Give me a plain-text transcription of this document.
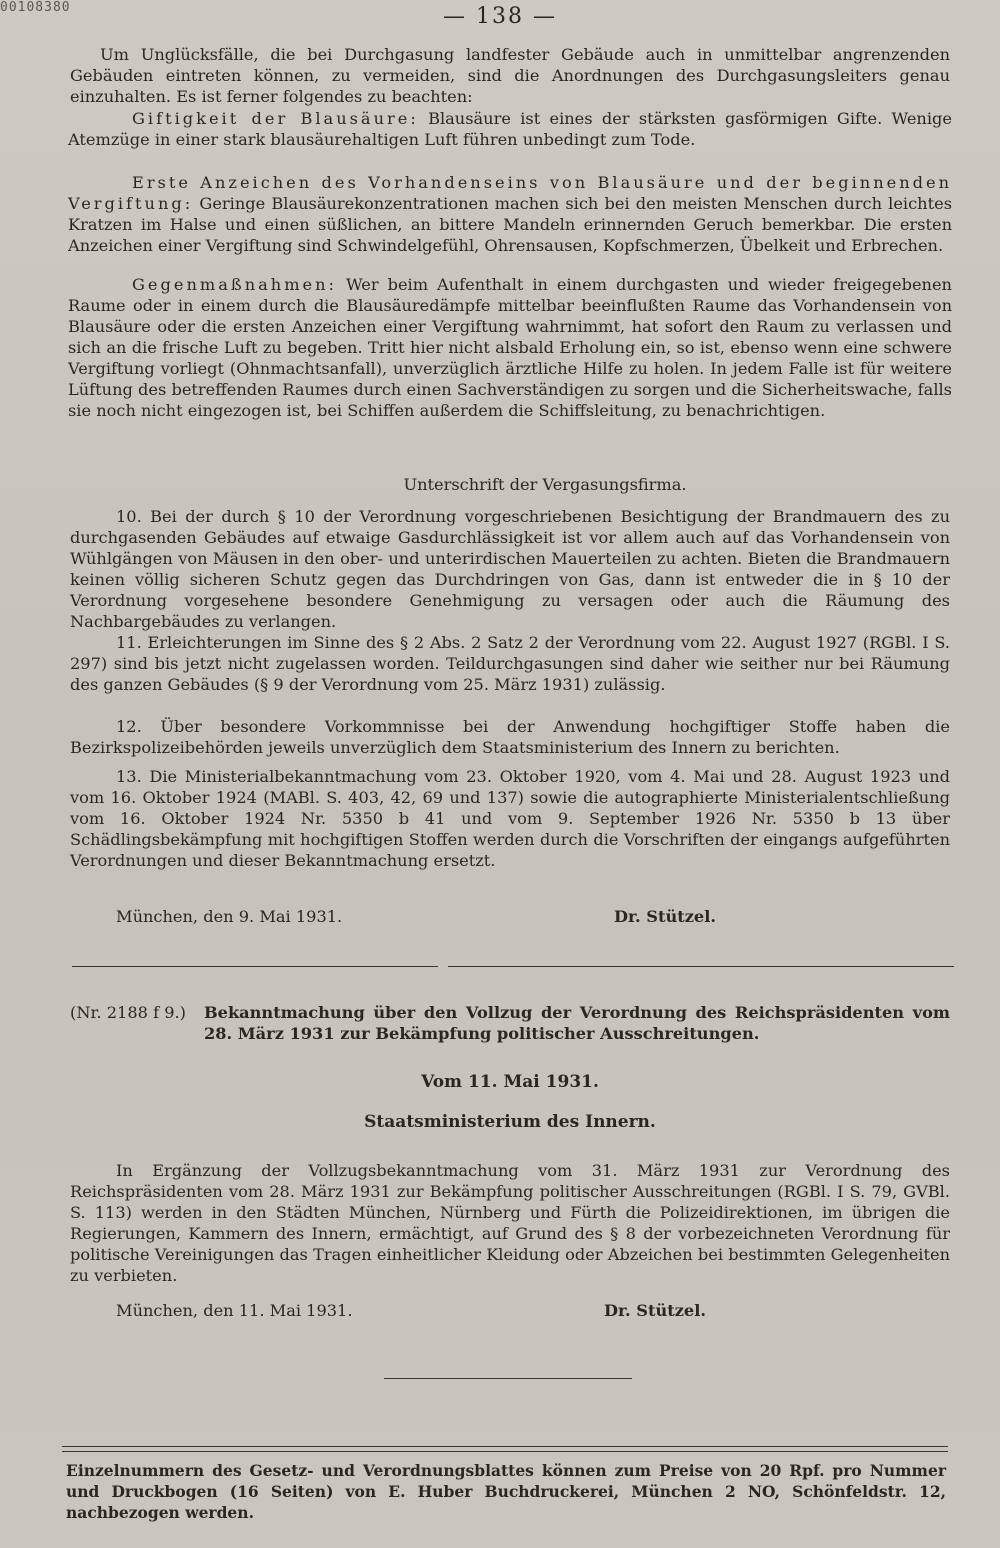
00108380	— 138 —

Um Unglücksfälle, die bei Durchgasung landfester Gebäude auch in unmittelbar angrenzenden Gebäuden eintreten können, zu vermeiden, sind die Anordnungen des Durchgasungsleiters genau einzuhalten. Es ist ferner folgendes zu beachten:

Giftigkeit der Blausäure: Blausäure ist eines der stärksten gasförmigen Gifte. Wenige Atemzüge in einer stark blausäurehaltigen Luft führen unbedingt zum Tode.

Erste Anzeichen des Vorhandenseins von Blausäure und der beginnenden Vergiftung: Geringe Blausäurekonzentrationen machen sich bei den meisten Menschen durch leichtes Kratzen im Halse und einen süßlichen, an bittere Mandeln erinnernden Geruch bemerkbar. Die ersten Anzeichen einer Vergiftung sind Schwindelgefühl, Ohrensausen, Kopfschmerzen, Übelkeit und Erbrechen.

Gegenmaßnahmen: Wer beim Aufenthalt in einem durchgasten und wieder freigegebenen Raume oder in einem durch die Blausäuredämpfe mittelbar beeinflußten Raume das Vorhandensein von Blausäure oder die ersten Anzeichen einer Vergiftung wahrnimmt, hat sofort den Raum zu verlassen und sich an die frische Luft zu begeben. Tritt hier nicht alsbald Erholung ein, so ist, ebenso wenn eine schwere Vergiftung vorliegt (Ohnmachtsanfall), unverzüglich ärztliche Hilfe zu holen. In jedem Falle ist für weitere Lüftung des betreffenden Raumes durch einen Sachverständigen zu sorgen und die Sicherheitswache, falls sie noch nicht eingezogen ist, bei Schiffen außerdem die Schiffsleitung, zu benachrichtigen.

Unterschrift der Vergasungsfirma.

10. Bei der durch § 10 der Verordnung vorgeschriebenen Besichtigung der Brandmauern des zu durchgasenden Gebäudes auf etwaige Gasdurchlässigkeit ist vor allem auch auf das Vorhandensein von Wühlgängen von Mäusen in den ober- und unterirdischen Mauerteilen zu achten. Bieten die Brandmauern keinen völlig sicheren Schutz gegen das Durchdringen von Gas, dann ist entweder die in § 10 der Verordnung vorgesehene besondere Genehmigung zu versagen oder auch die Räumung des Nachbargebäudes zu verlangen.

11. Erleichterungen im Sinne des § 2 Abs. 2 Satz 2 der Verordnung vom 22. August 1927 (RGBl. I S. 297) sind bis jetzt nicht zugelassen worden. Teildurchgasungen sind daher wie seither nur bei Räumung des ganzen Gebäudes (§ 9 der Verordnung vom 25. März 1931) zulässig.

12. Über besondere Vorkommnisse bei der Anwendung hochgiftiger Stoffe haben die Bezirkspolizeibehörden jeweils unverzüglich dem Staatsministerium des Innern zu berichten.

13. Die Ministerialbekanntmachung vom 23. Oktober 1920, vom 4. Mai und 28. August 1923 und vom 16. Oktober 1924 (MABl. S. 403, 42, 69 und 137) sowie die autographierte Ministerialentschließung vom 16. Oktober 1924 Nr. 5350 b 41 und vom 9. September 1926 Nr. 5350 b 13 über Schädlingsbekämpfung mit hochgiftigen Stoffen werden durch die Vorschriften der eingangs aufgeführten Verordnungen und dieser Bekanntmachung ersetzt.

München, den 9. Mai 1931.	Dr. Stützel.
(Nr. 2188 f 9.) Bekanntmachung über den Vollzug der Verordnung des Reichspräsidenten vom 28. März 1931 zur Bekämpfung politischer Ausschreitungen.
Vom 11. Mai 1931.
Staatsministerium des Innern.

In Ergänzung der Vollzugsbekanntmachung vom 31. März 1931 zur Verordnung des Reichspräsidenten vom 28. März 1931 zur Bekämpfung politischer Ausschreitungen (RGBl. I S. 79, GVBl. S. 113) werden in den Städten München, Nürnberg und Fürth die Polizeidirektionen, im übrigen die Regierungen, Kammern des Innern, ermächtigt, auf Grund des § 8 der vorbezeichneten Verordnung für politische Vereinigungen das Tragen einheitlicher Kleidung oder Abzeichen bei bestimmten Gelegenheiten zu verbieten.

München, den 11. Mai 1931.	Dr. Stützel.

Einzelnummern des Gesetz- und Verordnungsblattes können zum Preise von 20 Rpf. pro Nummer und Druckbogen (16 Seiten) von E. Huber Buchdruckerei, München 2 NO, Schönfeldstr. 12, nachbezogen werden.
